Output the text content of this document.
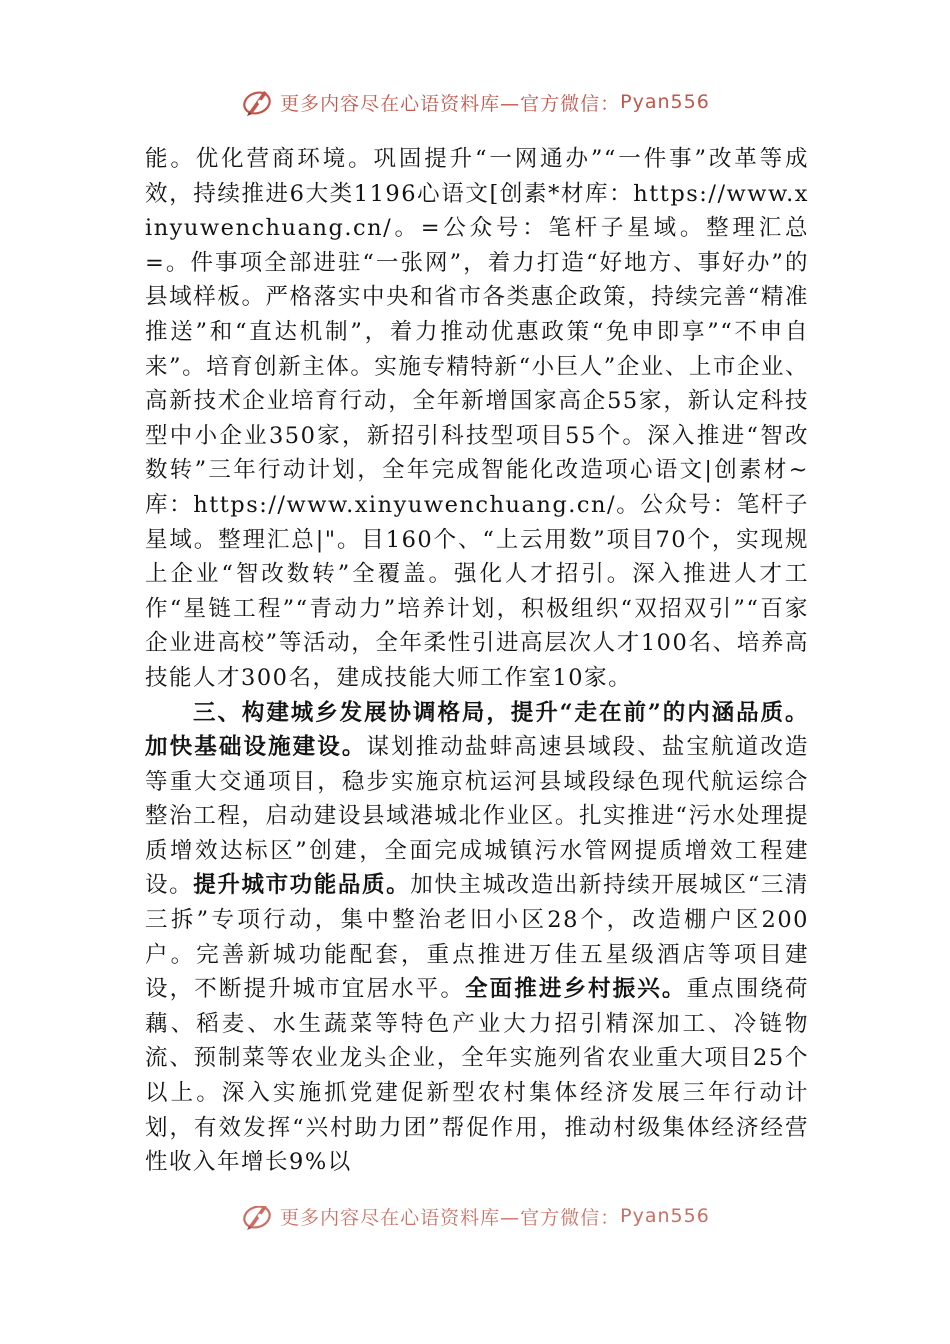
更多内容尽在心语资料库—官方微信： Pyan556

能。优化营商环境。巩固提升“一网通办”“一件事”改革等成效，持续推进6大类1196心语文[创素*材库：https://www.xinyuwenchuang.cn/。=公众号：笔杆子星域。整理汇总=。件事项全部进驻“一张网”，着力打造“好地方、事好办”的县域样板。严格落实中央和省市各类惠企政策，持续完善“精准推送”和“直达机制”，着力推动优惠政策“免申即享”“不申自来”。培育创新主体。实施专精特新“小巨人”企业、上市企业、高新技术企业培育行动，全年新增国家高企55家，新认定科技型中小企业350家，新招引科技型项目55个。深入推进“智改数转”三年行动计划，全年完成智能化改造项心语文|创素材~库：https://www.xinyuwenchuang.cn/。公众号：笔杆子星域。整理汇总|"。目160个、“上云用数”项目70个，实现规上企业“智改数转”全覆盖。强化人才招引。深入推进人才工作“星链工程”“青动力”培养计划，积极组织“双招双引”“百家企业进高校”等活动，全年柔性引进高层次人才100名、培养高技能人才300名，建成技能大师工作室10家。

三、构建城乡发展协调格局，提升“走在前”的内涵品质。加快基础设施建设。谋划推动盐蚌高速县域段、盐宝航道改造等重大交通项目，稳步实施京杭运河县域段绿色现代航运综合整治工程，启动建设县域港城北作业区。扎实推进“污水处理提质增效达标区”创建，全面完成城镇污水管网提质增效工程建设。提升城市功能品质。加快主城改造出新持续开展城区“三清三拆”专项行动，集中整治老旧小区28个，改造棚户区200户。完善新城功能配套，重点推进万佳五星级酒店等项目建设，不断提升城市宜居水平。全面推进乡村振兴。重点围绕荷藕、稻麦、水生蔬菜等特色产业大力招引精深加工、冷链物流、预制菜等农业龙头企业，全年实施列省农业重大项目25个以上。深入实施抓党建促新型农村集体经济发展三年行动计划，有效发挥“兴村助力团”帮促作用，推动村级集体经济经营性收入年增长9%以

更多内容尽在心语资料库—官方微信： Pyan556
